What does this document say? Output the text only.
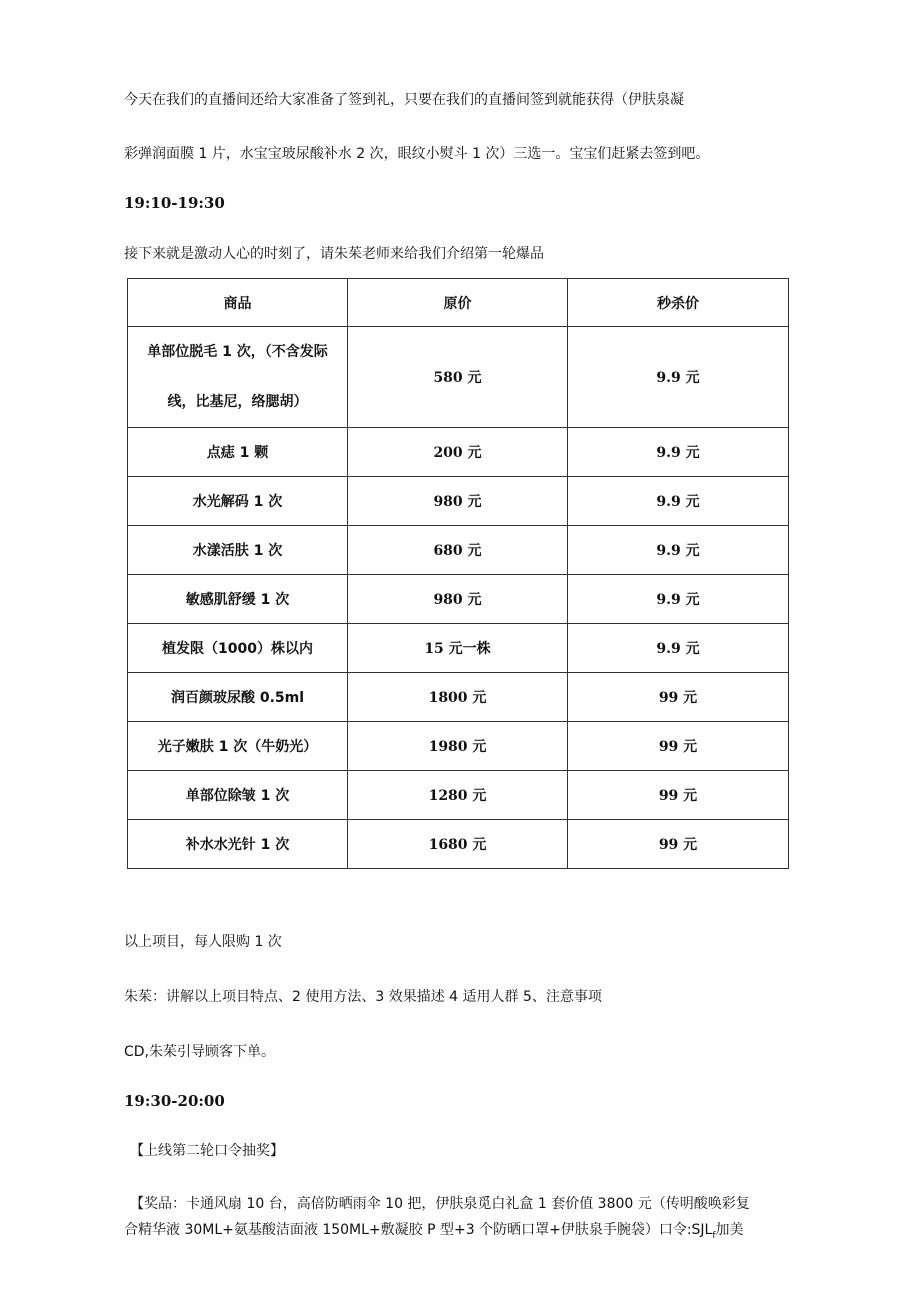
今天在我们的直播间还给大家准备了签到礼，只要在我们的直播间签到就能获得（伊肤泉凝
彩弹润面膜 1 片，水宝宝玻尿酸补水 2 次，眼纹小熨斗 1 次）三选一。宝宝们赶紧去签到吧。
19:10-19:30
接下来就是激动人心的时刻了，请朱茱老师来给我们介绍第一轮爆品
商品	原价	秒杀价

单部位脱毛 1 次，（不含发际
线，比基尼，络腮胡）	580 元	9.9 元
点痣 1 颗	200 元	9.9 元
水光解码 1 次	980 元	9.9 元
水漾活肤 1 次	680 元	9.9 元
敏感肌舒缓 1 次	980 元	9.9 元
植发限（1000）株以内	15 元一株	9.9 元
润百颜玻尿酸 0.5ml	1800 元	99 元
光子嫩肤 1 次（牛奶光）	1980 元	99 元
单部位除皱 1 次	1280 元	99 元
补水水光针 1 次	1680 元	99 元
以上项目，每人限购 1 次
朱茱：讲解以上项目特点、2 使用方法、3 效果描述 4 适用人群 5、注意事项
CD,朱茱引导顾客下单。
19:30-20:00
【上线第二轮口令抽奖】
【奖品：卡通风扇 10 台，高倍防晒雨伞 10 把，伊肤泉觅白礼盒 1 套价值 3800 元（传明酸唤彩复
合精华液 30ML+氨基酸洁面液 150ML+敷凝胶 P 型+3 个防晒口罩+伊肤泉手腕袋）口令$:SJL_f$加美
